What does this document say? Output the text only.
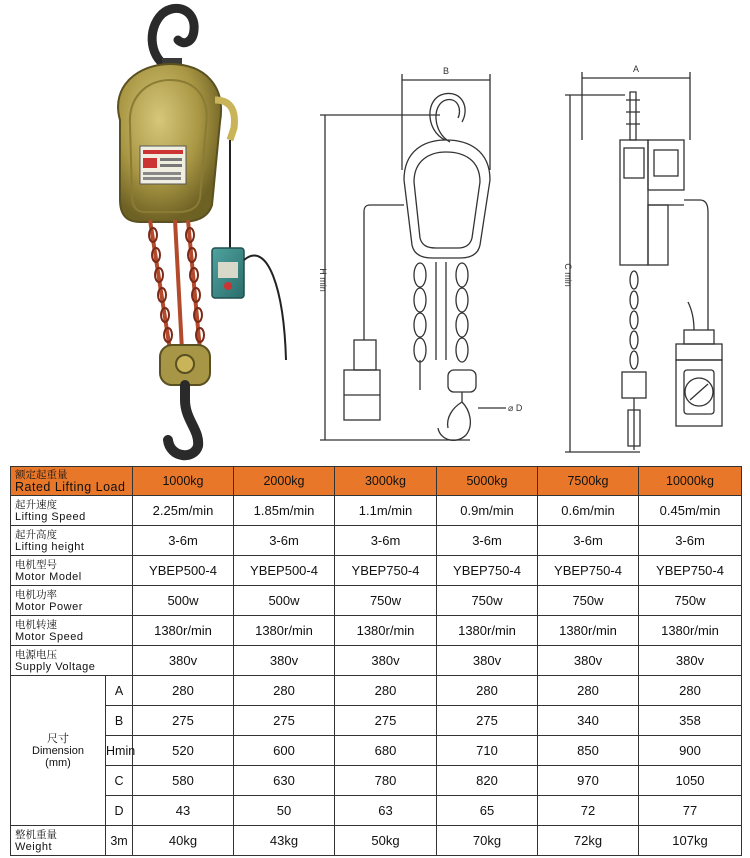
B
H min
⌀ D
A
C min
额定起重量
Rated Lifting Load		1000kg	2000kg	3000kg	5000kg	7500kg	10000kg

起升速度
Lifting Speed		2.25m/min	1.85m/min	1.1m/min	0.9m/min	0.6m/min	0.45m/min

起升高度
Lifting height		3-6m	3-6m	3-6m	3-6m	3-6m	3-6m

电机型号
Motor Model		YBEP500-4	YBEP500-4	YBEP750-4	YBEP750-4	YBEP750-4	YBEP750-4

电机功率
Motor Power		500w	500w	750w	750w	750w	750w

电机转速
Motor Speed		1380r/min	1380r/min	1380r/min	1380r/min	1380r/min	1380r/min

电源电压
Supply Voltage		380v	380v	380v	380v	380v	380v

尺寸
Dimension
(mm)	A	280	280	280	280	280	280
	B	275	275	275	275	340	358
	Hmin	520	600	680	710	850	900
	C	580	630	780	820	970	1050
	D	43	50	63	65	72	77

整机重量
Weight	3m	40kg	43kg	50kg	70kg	72kg	107kg
